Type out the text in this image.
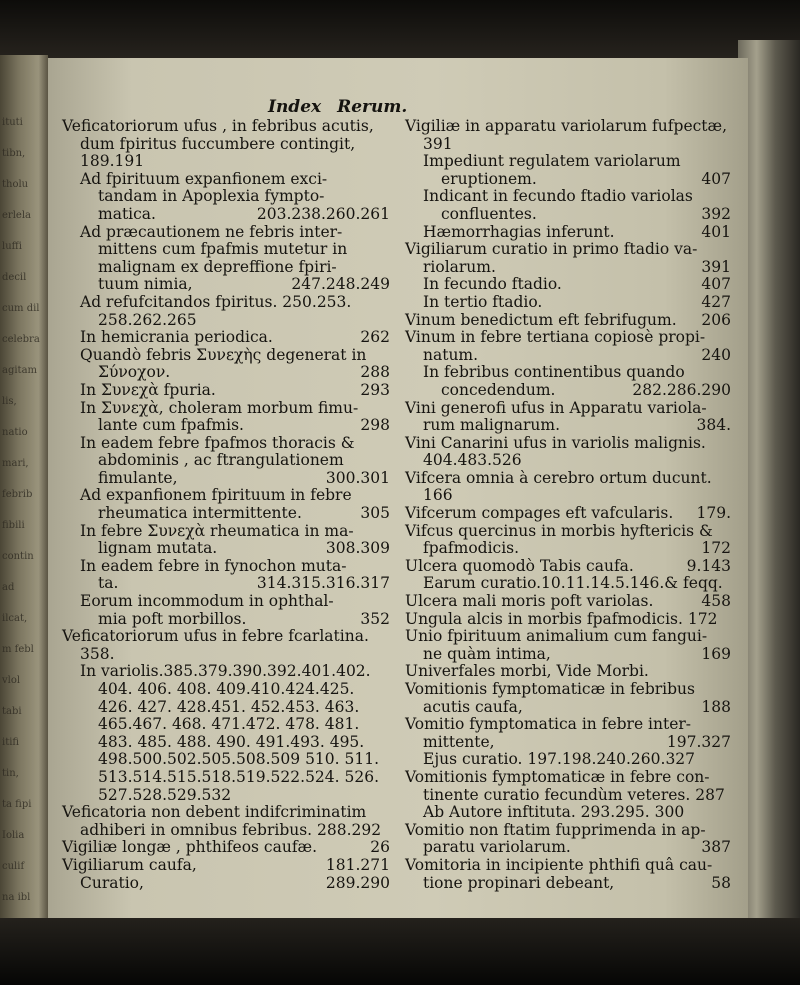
ituti
tibn,
tholu
erlela
luffi
decil
cum dil
celebra
agitam
lis,
natio
mari,
febrib
fibili
contin
ad
ilcat,
m febl
vlol
tabi
itifi
tin,
ta fipi
Iolia
culif
na ibl
Index Rerum.
Veficatoriorum ufus , in febribus acutis,
dum fpiritus fuccumbere contingit,
189.191
Ad fpirituum expanfionem exci-
tandam in Apoplexia fympto-
matica.	203.238.260.261
Ad præcautionem ne febris inter-
mittens cum fpafmis mutetur in
malignam ex depreffione fpiri-
tuum nimia,	247.248.249
Ad refufcitandos fpiritus. 250.253.
258.262.265
In hemicrania periodica.	262
Quandò febris Συνεχὴς degenerat in
Σύνοχον.	288
In Συνεχὰ fpuria.	293
In Συνεχὰ, choleram morbum fimu-
lante cum fpafmis.	298
In eadem febre fpafmos thoracis &
abdominis , ac ftrangulationem
fimulante,	300.301
Ad expanfionem fpirituum in febre
rheumatica intermittente.	305
In febre Συνεχὰ rheumatica in ma-
lignam mutata.	308.309
In eadem febre in fynochon muta-
ta.	314.315.316.317
Eorum incommodum in ophthal-
mia poft morbillos.	352
Veficatoriorum ufus in febre fcarlatina.
358.
In variolis.385.379.390.392.401.402.
404. 406. 408. 409.410.424.425.
426. 427. 428.451. 452.453. 463.
465.467. 468. 471.472. 478. 481.
483. 485. 488. 490. 491.493. 495.
498.500.502.505.508.509 510. 511.
513.514.515.518.519.522.524. 526.
527.528.529.532
Veficatoria non debent indifcriminatim
adhiberi in omnibus febribus. 288.292
Vigiliæ longæ , phthifeos caufæ.	26
Vigiliarum caufa,	181.271
Curatio,	289.290
Vigiliæ in apparatu variolarum fufpectæ,
391
Impediunt regulatem variolarum
eruptionem.	407
Indicant in fecundo ftadio variolas
confluentes.	392
Hæmorrhagias inferunt.	401
Vigiliarum curatio in primo ftadio va-
riolarum.	391
In fecundo ftadio.	407
In tertio ftadio.	427
Vinum benedictum eft febrifugum. 206
Vinum in febre tertiana copiosè propi-
natum.	240
In febribus continentibus quando
concedendum.	282.286.290
Vini generofi ufus in Apparatu variola-
rum malignarum.	384.
Vini Canarini ufus in variolis malignis.
404.483.526
Vifcera omnia à cerebro ortum ducunt.
166
Vifcerum compages eft vafcularis. 179.
Vifcus quercinus in morbis hyftericis &
fpafmodicis.	172
Ulcera quomodò Tabis caufa.	9.143
Earum curatio.10.11.14.5.146.& feqq.
Ulcera mali moris poft variolas.	458
Ungula alcis in morbis fpafmodicis. 172
Unio fpirituum animalium cum fangui-
ne quàm intima,	169
Univerfales morbi, Vide Morbi.
Vomitionis fymptomaticæ in febribus
acutis caufa,	188
Vomitio fymptomatica in febre inter-
mittente,	197.327
Ejus curatio. 197.198.240.260.327
Vomitionis fymptomaticæ in febre con-
tinente curatio fecundùm veteres. 287
Ab Autore inftituta. 293.295. 300
Vomitio non ftatim fupprimenda in ap-
paratu variolarum.	387
Vomitoria in incipiente phthifi quâ cau-
tione propinari debeant,	58
